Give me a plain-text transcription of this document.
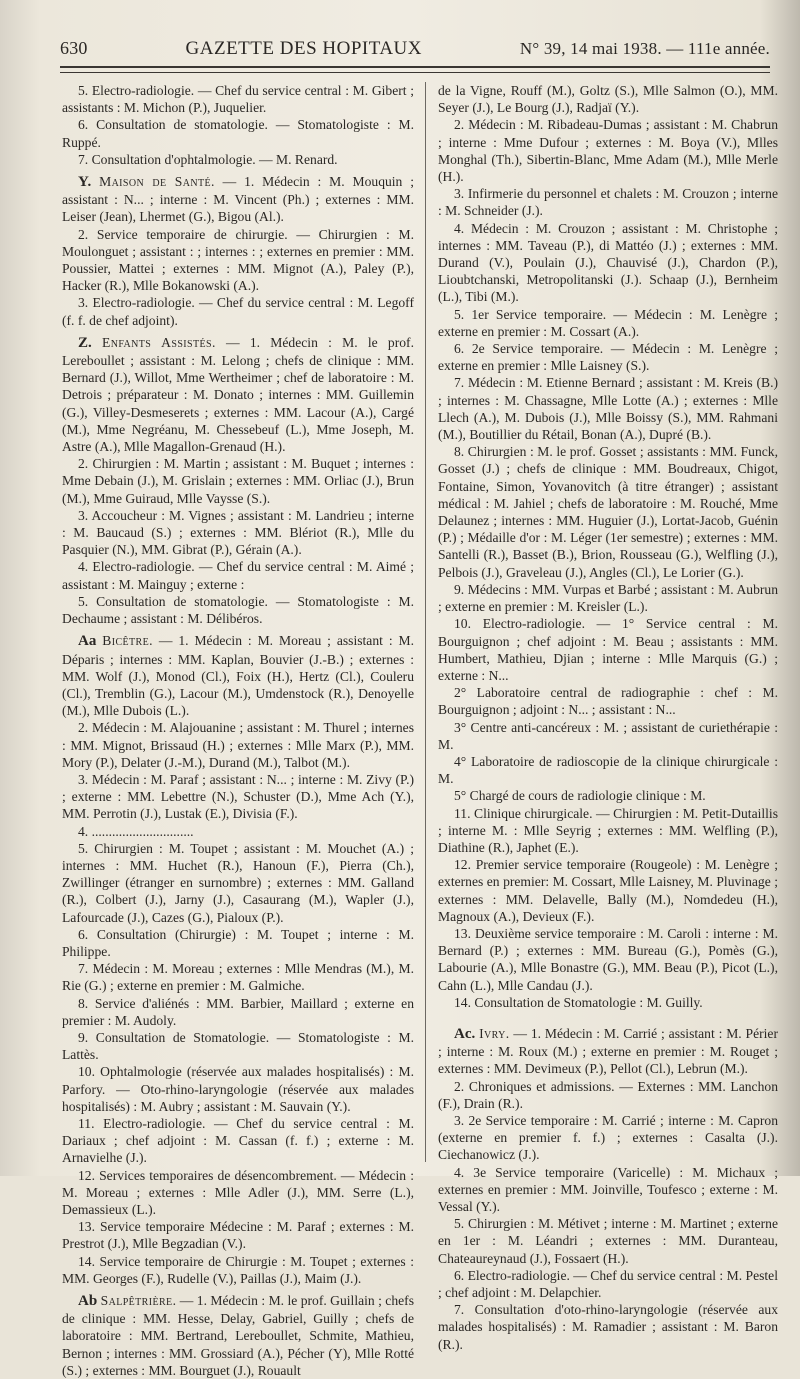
630	GAZETTE DES HOPITAUX	N° 39, 14 mai 1938. — 111e année.

5. Electro-radiologie. — Chef du service central : M. Gibert ; assistants : M. Michon (P.), Juquelier.

6. Consultation de stomatologie. — Stomatologiste : M. Ruppé.

7. Consultation d'ophtalmologie. — M. Renard.

Y. Maison de Santé. — 1. Médecin : M. Mouquin ; assistant : N... ; interne : M. Vincent (Ph.) ; externes : MM. Leiser (Jean), Lhermet (G.), Bigou (Al.).

2. Service temporaire de chirurgie. — Chirurgien : M. Moulonguet ; assistant : ; internes : ; externes en premier : MM. Poussier, Mattei ; externes : MM. Mignot (A.), Paley (P.), Hacker (R.), Mlle Bokanowski (A.).

3. Electro-radiologie. — Chef du service central : M. Legoff (f. f. de chef adjoint).

Z. Enfants Assistés. — 1. Médecin : M. le prof. Lereboullet ; assistant : M. Lelong ; chefs de clinique : MM. Bernard (J.), Willot, Mme Wertheimer ; chef de laboratoire : M. Detrois ; préparateur : M. Donato ; internes : MM. Guillemin (G.), Villey-Desmeserets ; externes : MM. Lacour (A.), Cargé (M.), Mme Negréanu, M. Chessebeuf (L.), Mme Joseph, M. Astre (A.), Mlle Magallon-Grenaud (H.).

2. Chirurgien : M. Martin ; assistant : M. Buquet ; internes : Mme Debain (J.), M. Grislain ; externes : MM. Orliac (J.), Brun (M.), Mme Guiraud, Mlle Vaysse (S.).

3. Accoucheur : M. Vignes ; assistant : M. Landrieu ; interne : M. Baucaud (S.) ; externes : MM. Blériot (R.), Mlle du Pasquier (N.), MM. Gibrat (P.), Gérain (A.).

4. Electro-radiologie. — Chef du service central : M. Aimé ; assistant : M. Mainguy ; externe :

5. Consultation de stomatologie. — Stomatologiste : M. Dechaume ; assistant : M. Délibéros.

Aa Bicêtre. — 1. Médecin : M. Moreau ; assistant : M. Déparis ; internes : MM. Kaplan, Bouvier (J.-B.) ; externes : MM. Wolf (J.), Monod (Cl.), Foix (H.), Hertz (Cl.), Couleru (Cl.), Tremblin (G.), Lacour (M.), Umdenstock (R.), Denoyelle (M.), Mlle Dubois (L.).

2. Médecin : M. Alajouanine ; assistant : M. Thurel ; internes : MM. Mignot, Brissaud (H.) ; externes : Mlle Marx (P.), MM. Mory (P.), Delater (J.-M.), Durand (M.), Talbot (M.).

3. Médecin : M. Paraf ; assistant : N... ; interne : M. Zivy (P.) ; externe : MM. Lebettre (N.), Schuster (D.), Mme Ach (Y.), MM. Perrotin (J.), Lustak (E.), Divisia (F.).

4. ..............................

5. Chirurgien : M. Toupet ; assistant : M. Mouchet (A.) ; internes : MM. Huchet (R.), Hanoun (F.), Pierra (Ch.), Zwillinger (étranger en surnombre) ; externes : MM. Galland (R.), Colbert (J.), Jarny (J.), Casaurang (M.), Wapler (J.), Lafourcade (J.), Cazes (G.), Pialoux (P.).

6. Consultation (Chirurgie) : M. Toupet ; interne : M. Philippe.

7. Médecin : M. Moreau ; externes : Mlle Mendras (M.), M. Rie (G.) ; externe en premier : M. Galmiche.

8. Service d'aliénés : MM. Barbier, Maillard ; externe en premier : M. Audoly.

9. Consultation de Stomatologie. — Stomatologiste : M. Lattès.

10. Ophtalmologie (réservée aux malades hospitalisés) : M. Parfory. — Oto-rhino-laryngologie (réservée aux malades hospitalisés) : M. Aubry ; assistant : M. Sauvain (Y.).

11. Electro-radiologie. — Chef du service central : M. Dariaux ; chef adjoint : M. Cassan (f. f.) ; externe : M. Arnavielhe (J.).

12. Services temporaires de désencombrement. — Médecin : M. Moreau ; externes : Mlle Adler (J.), MM. Serre (L.), Demassieux (L.).

13. Service temporaire Médecine : M. Paraf ; externes : M. Prestrot (J.), Mlle Begzadian (V.).

14. Service temporaire de Chirurgie : M. Toupet ; externes : MM. Georges (F.), Rudelle (V.), Paillas (J.), Maim (J.).

Ab Salpêtrière. — 1. Médecin : M. le prof. Guillain ; chefs de clinique : MM. Hesse, Delay, Gabriel, Guilly ; chefs de laboratoire : MM. Bertrand, Lereboullet, Schmite, Mathieu, Bernon ; internes : MM. Grossiard (A.), Pécher (Y), Mlle Rotté (S.) ; externes : MM. Bourguet (J.), Rouault

de la Vigne, Rouff (M.), Goltz (S.), Mlle Salmon (O.), MM. Seyer (J.), Le Bourg (J.), Radjaï (Y.).

2. Médecin : M. Ribadeau-Dumas ; assistant : M. Chabrun ; interne : Mme Dufour ; externes : M. Boya (V.), Mlles Monghal (Th.), Sibertin-Blanc, Mme Adam (M.), Mlle Merle (H.).

3. Infirmerie du personnel et chalets : M. Crouzon ; interne : M. Schneider (J.).

4. Médecin : M. Crouzon ; assistant : M. Christophe ; internes : MM. Taveau (P.), di Mattéo (J.) ; externes : MM. Durand (V.), Poulain (J.), Chauvisé (J.), Chardon (P.), Lioubtchanski, Metropolitanski (J.). Schaap (J.), Bernheim (L.), Tibi (M.).

5. 1er Service temporaire. — Médecin : M. Lenègre ; externe en premier : M. Cossart (A.).

6. 2e Service temporaire. — Médecin : M. Lenègre ; externe en premier : Mlle Laisney (S.).

7. Médecin : M. Etienne Bernard ; assistant : M. Kreis (B.) ; internes : M. Chassagne, Mlle Lotte (A.) ; externes : Mlle Llech (A.), M. Dubois (J.), Mlle Boissy (S.), MM. Rahmani (M.), Boutillier du Rétail, Bonan (A.), Dupré (B.).

8. Chirurgien : M. le prof. Gosset ; assistants : MM. Funck, Gosset (J.) ; chefs de clinique : MM. Boudreaux, Chigot, Fontaine, Simon, Yovanovitch (à titre étranger) ; assistant médical : M. Jahiel ; chefs de laboratoire : M. Rouché, Mme Delaunez ; internes : MM. Huguier (J.), Lortat-Jacob, Guénin (P.) ; Médaille d'or : M. Léger (1er semestre) ; externes : MM. Santelli (R.), Basset (B.), Brion, Rousseau (G.), Welfling (J.), Pelbois (J.), Graveleau (J.), Angles (Cl.), Le Lorier (G.).

9. Médecins : MM. Vurpas et Barbé ; assistant : M. Aubrun ; externe en premier : M. Kreisler (L.).

10. Electro-radiologie. — 1° Service central : M. Bourguignon ; chef adjoint : M. Beau ; assistants : MM. Humbert, Mathieu, Djian ; interne : Mlle Marquis (G.) ; externe : N...

2° Laboratoire central de radiographie : chef : M. Bourguignon ; adjoint : N... ; assistant : N...

3° Centre anti-cancéreux : M. ; assistant de curiethérapie : M.

4° Laboratoire de radioscopie de la clinique chirurgicale : M.

5° Chargé de cours de radiologie clinique : M.

11. Clinique chirurgicale. — Chirurgien : M. Petit-Dutaillis ; interne M. : Mlle Seyrig ; externes : MM. Welfling (P.), Diathine (R.), Japhet (E.).

12. Premier service temporaire (Rougeole) : M. Lenègre ; externes en premier: M. Cossart, Mlle Laisney, M. Pluvinage ; externes : MM. Delavelle, Bally (M.), Nomdedeu (H.), Magnoux (A.), Devieux (F.).

13. Deuxième service temporaire : M. Caroli : interne : M. Bernard (P.) ; externes : MM. Bureau (G.), Pomès (G.), Labourie (A.), Mlle Bonastre (G.), MM. Beau (P.), Picot (L.), Cahn (L.), Mlle Candau (J.).

14. Consultation de Stomatologie : M. Guilly.

Ac. Ivry. — 1. Médecin : M. Carrié ; assistant : M. Périer ; interne : M. Roux (M.) ; externe en premier : M. Rouget ; externes : MM. Devimeux (P.), Pellot (Cl.), Lebrun (M.).

2. Chroniques et admissions. — Externes : MM. Lanchon (F.), Drain (R.).

3. 2e Service temporaire : M. Carrié ; interne : M. Capron (externe en premier f. f.) ; externes : Casalta (J.). Ciechanowicz (J.).

4. 3e Service temporaire (Varicelle) : M. Michaux ; externes en premier : MM. Joinville, Toufesco ; externe : M. Vessal (Y.).

5. Chirurgien : M. Métivet ; interne : M. Martinet ; externe en 1er : M. Léandri ; externes : MM. Duranteau, Chateaureynaud (J.), Fossaert (H.).

6. Electro-radiologie. — Chef du service central : M. Pestel ; chef adjoint : M. Delapchier.

7. Consultation d'oto-rhino-laryngologie (réservée aux malades hospitalisés) : M. Ramadier ; assistant : M. Baron (R.).
